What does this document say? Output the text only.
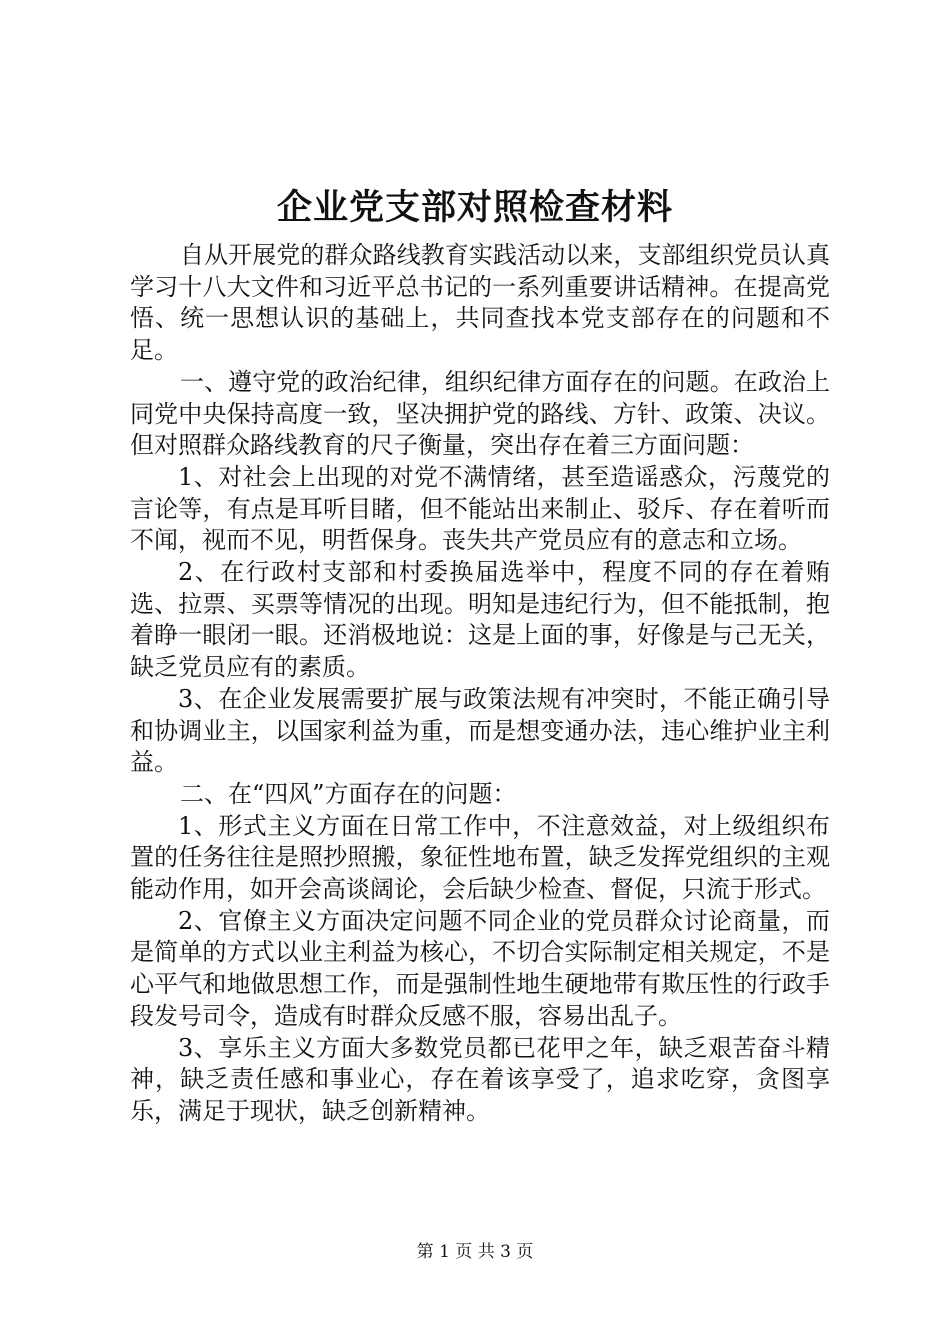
企业党支部对照检查材料

自从开展党的群众路线教育实践活动以来，支部组织党员认真学习十八大文件和习近平总书记的一系列重要讲话精神。在提高党悟、统一思想认识的基础上，共同查找本党支部存在的问题和不足。

一、遵守党的政治纪律，组织纪律方面存在的问题。在政治上同党中央保持高度一致，坚决拥护党的路线、方针、政策、决议。但对照群众路线教育的尺子衡量，突出存在着三方面问题：

1、对社会上出现的对党不满情绪，甚至造谣惑众，污蔑党的言论等，有点是耳听目睹，但不能站出来制止、驳斥、存在着听而不闻，视而不见，明哲保身。丧失共产党员应有的意志和立场。

2、在行政村支部和村委换届选举中，程度不同的存在着贿选、拉票、买票等情况的出现。明知是违纪行为，但不能抵制，抱着睁一眼闭一眼。还消极地说：这是上面的事，好像是与己无关，缺乏党员应有的素质。

3、在企业发展需要扩展与政策法规有冲突时，不能正确引导和协调业主，以国家利益为重，而是想变通办法，违心维护业主利益。

二、在“四风”方面存在的问题：

1、形式主义方面在日常工作中，不注意效益，对上级组织布置的任务往往是照抄照搬，象征性地布置，缺乏发挥党组织的主观能动作用，如开会高谈阔论，会后缺少检查、督促，只流于形式。

2、官僚主义方面决定问题不同企业的党员群众讨论商量，而是简单的方式以业主利益为核心，不切合实际制定相关规定，不是心平气和地做思想工作，而是强制性地生硬地带有欺压性的行政手段发号司令，造成有时群众反感不服，容易出乱子。

3、享乐主义方面大多数党员都已花甲之年，缺乏艰苦奋斗精神，缺乏责任感和事业心，存在着该享受了，追求吃穿，贪图享乐，满足于现状，缺乏创新精神。

第 1 页 共 3 页
